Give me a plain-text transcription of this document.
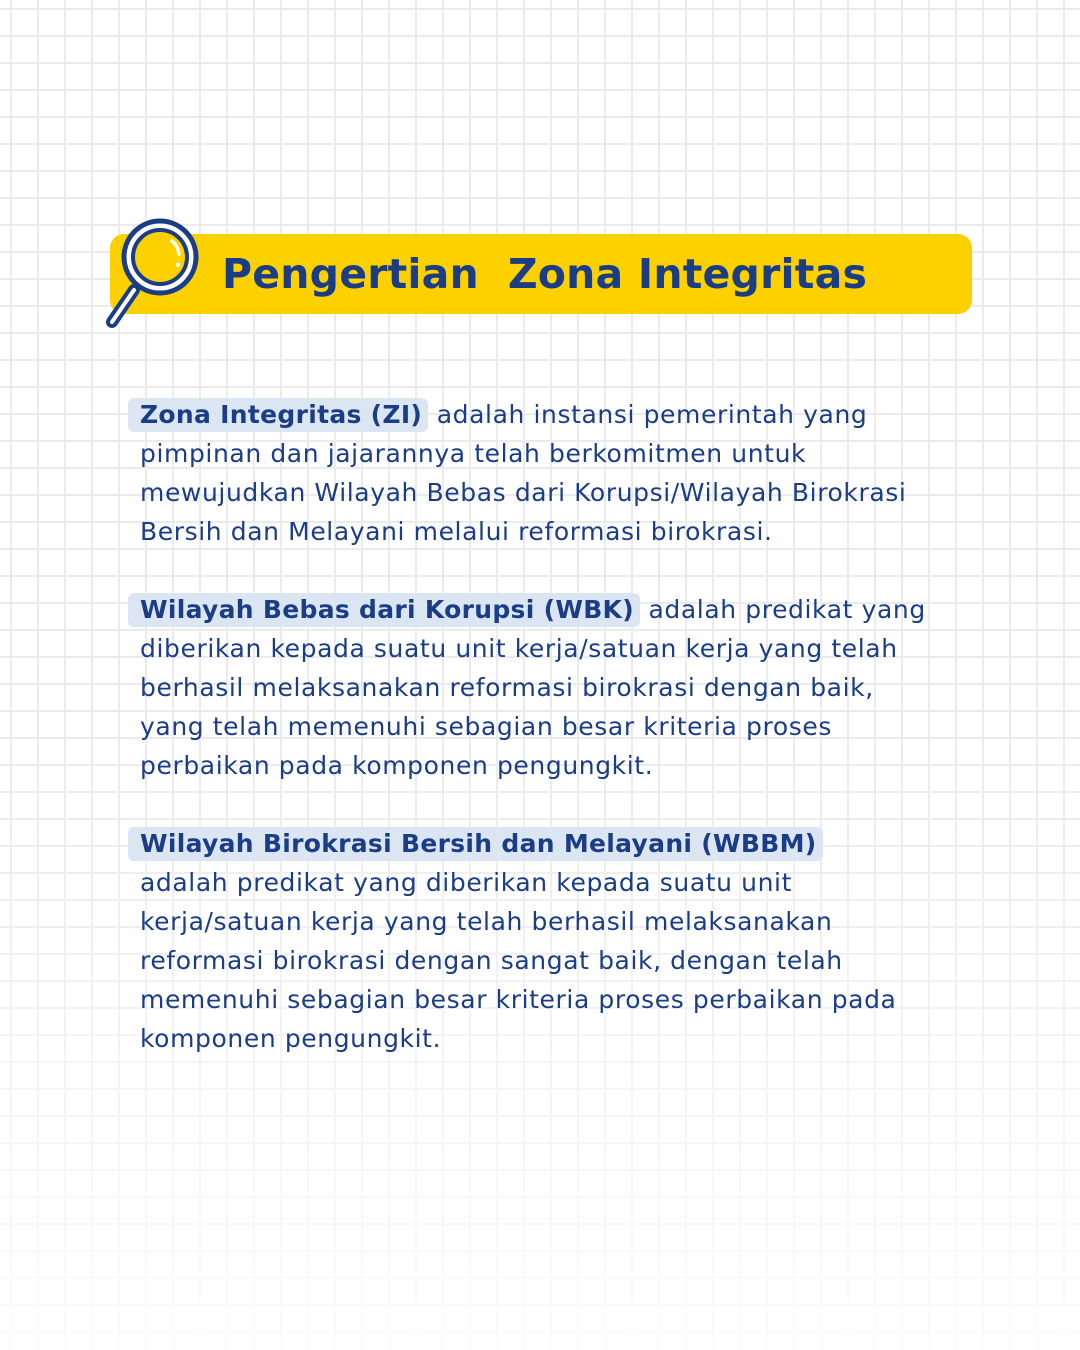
Pengertian  Zona Integritas

Zona Integritas (ZI) adalah instansi pemerintah yang
pimpinan dan jajarannya telah berkomitmen untuk
mewujudkan Wilayah Bebas dari Korupsi/Wilayah Birokrasi
Bersih dan Melayani melalui reformasi birokrasi.

Wilayah Bebas dari Korupsi (WBK) adalah predikat yang
diberikan kepada suatu unit kerja/satuan kerja yang telah
berhasil melaksanakan reformasi birokrasi dengan baik,
yang telah memenuhi sebagian besar kriteria proses
perbaikan pada komponen pengungkit.

Wilayah Birokrasi Bersih dan Melayani (WBBM)
adalah predikat yang diberikan kepada suatu unit
kerja/satuan kerja yang telah berhasil melaksanakan
reformasi birokrasi dengan sangat baik, dengan telah
memenuhi sebagian besar kriteria proses perbaikan pada
komponen pengungkit.
